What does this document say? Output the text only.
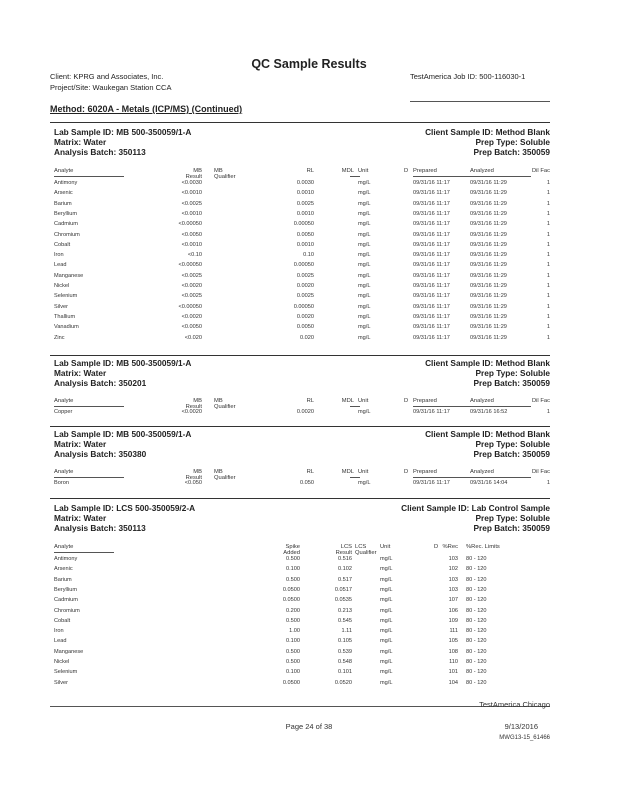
QC Sample Results
Client: KPRG and Associates, Inc.
Project/Site: Waukegan Station CCA
TestAmerica Job ID: 500-116030-1
Method: 6020A - Metals (ICP/MS) (Continued)
Lab Sample ID: MB 500-350059/1-A
Matrix: Water
Analysis Batch: 350113
Client Sample ID: Method Blank
Prep Type: Soluble
Prep Batch: 350059
Analyte	MB Result
MB Qualifier
RL	MDL Unit	D Prepared	Analyzed	Dil Fac
Antimony	<0.0030	0.0030	mg/L	09/31/16 11:17	09/31/16 11:29	1
Arsenic	<0.0010	0.0010	mg/L	09/31/16 11:17	09/31/16 11:29	1
Barium	<0.0025	0.0025	mg/L	09/31/16 11:17	09/31/16 11:29	1
Beryllium	<0.0010	0.0010	mg/L	09/31/16 11:17	09/31/16 11:29	1
Cadmium	<0.00050	0.00050	mg/L	09/31/16 11:17	09/31/16 11:29	1
Chromium	<0.0050	0.0050	mg/L	09/31/16 11:17	09/31/16 11:29	1
Cobalt	<0.0010	0.0010	mg/L	09/31/16 11:17	09/31/16 11:29	1
Iron	<0.10	0.10	mg/L	09/31/16 11:17	09/31/16 11:29	1
Lead	<0.00050	0.00050	mg/L	09/31/16 11:17	09/31/16 11:29	1
Manganese	<0.0025	0.0025	mg/L	09/31/16 11:17	09/31/16 11:29	1
Nickel	<0.0020	0.0020	mg/L	09/31/16 11:17	09/31/16 11:29	1
Selenium	<0.0025	0.0025	mg/L	09/31/16 11:17	09/31/16 11:29	1
Silver	<0.00050	0.00050	mg/L	09/31/16 11:17	09/31/16 11:29	1
Thallium	<0.0020	0.0020	mg/L	09/31/16 11:17	09/31/16 11:29	1
Vanadium	<0.0050	0.0050	mg/L	09/31/16 11:17	09/31/16 11:29	1
Zinc	<0.020	0.020	mg/L	09/31/16 11:17	09/31/16 11:29	1
Lab Sample ID: MB 500-350059/1-A
Matrix: Water
Analysis Batch: 350201
Client Sample ID: Method Blank
Prep Type: Soluble
Prep Batch: 350059
Analyte	MB Result
MB Qualifier
RL	MDL Unit	D Prepared	Analyzed	Dil Fac
Copper	<0.0020	0.0020	mg/L	09/31/16 11:17	09/31/16 16:52	1
Lab Sample ID: MB 500-350059/1-A
Matrix: Water
Analysis Batch: 350380
Client Sample ID: Method Blank
Prep Type: Soluble
Prep Batch: 350059
Analyte	MB Result
MB Qualifier
RL	MDL Unit	D Prepared	Analyzed	Dil Fac
Boron	<0.050	0.050	mg/L	09/31/16 11:17	09/31/16 14:04	1
Lab Sample ID: LCS 500-350059/2-A
Matrix: Water
Analysis Batch: 350113
Client Sample ID: Lab Control Sample
Prep Type: Soluble
Prep Batch: 350059
Analyte	Spike Added
LCS Result
LCS Qualifier
Unit	D %Rec %Rec. Limits
Antimony	0.500	0.516	mg/L	103 80 - 120
Arsenic	0.100	0.102	mg/L	102 80 - 120
Barium	0.500	0.517	mg/L	103 80 - 120
Beryllium	0.0500	0.0517	mg/L	103 80 - 120
Cadmium	0.0500	0.0535	mg/L	107 80 - 120
Chromium	0.200	0.213	mg/L	106 80 - 120
Cobalt	0.500	0.545	mg/L	109 80 - 120
Iron	1.00	1.11	mg/L	111 80 - 120
Lead	0.100	0.105	mg/L	105 80 - 120
Manganese	0.500	0.539	mg/L	108 80 - 120
Nickel	0.500	0.548	mg/L	110 80 - 120
Selenium	0.100	0.101	mg/L	101 80 - 120
Silver	0.0500	0.0520	mg/L	104 80 - 120
TestAmerica Chicago
Page 24 of 38	9/13/2016
MWG13-15_61466
